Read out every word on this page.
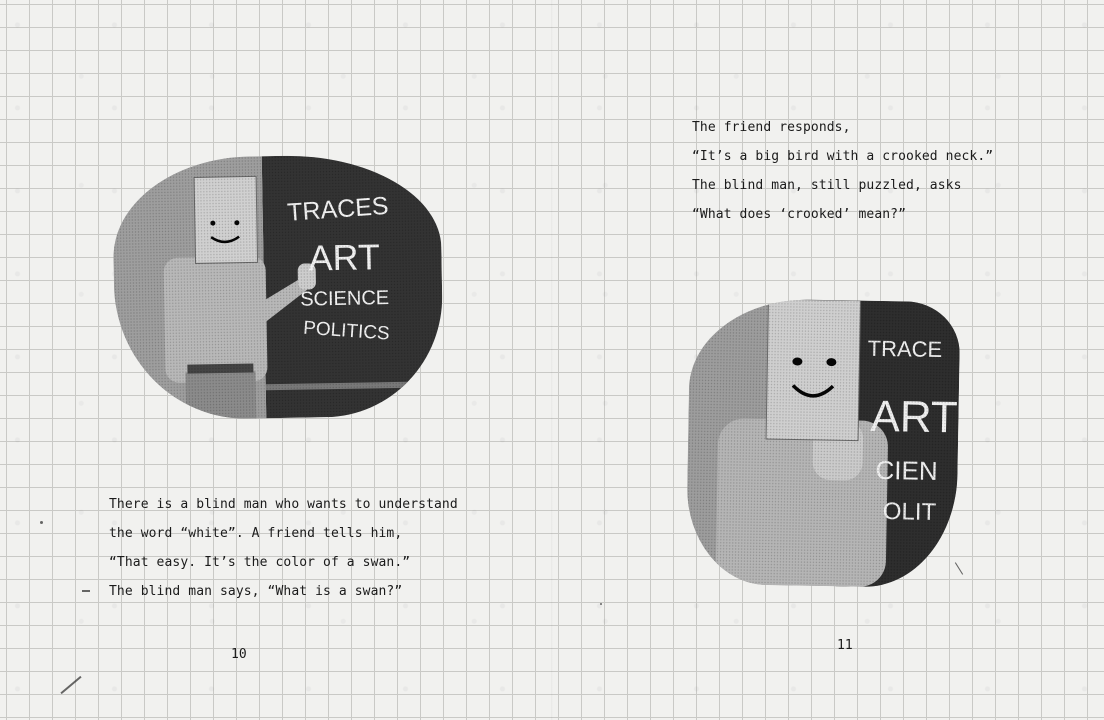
There is a blind man who wants to understand
the word “white”. A friend tells him,
“That easy. It’s the color of a swan.”
The blind man says, “What is a swan?”
10
The friend responds,
“It’s a big bird with a crooked neck.”
The blind man, still puzzled, asks
“What does ‘crooked’ mean?”
11
